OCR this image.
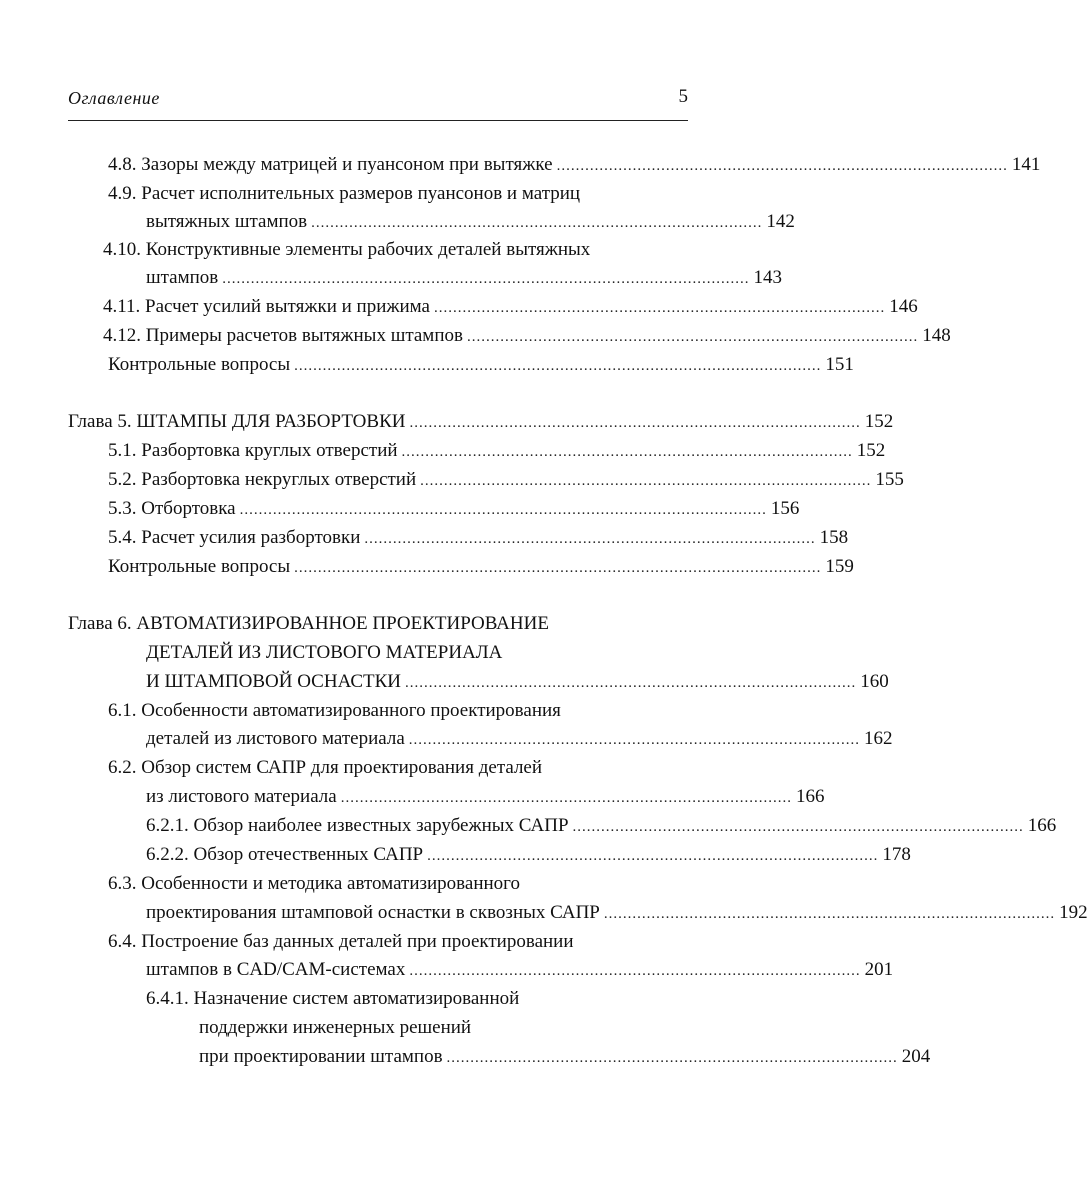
Оглавление	5
4.8. Зазоры между матрицей и пуансоном при вытяжке ............................................................................................... 141
4.9. Расчет исполнительных размеров пуансонов и матриц
вытяжных штампов ............................................................................................... 142
4.10. Конструктивные элементы рабочих деталей вытяжных
штампов ............................................................................................................... 143
4.11. Расчет усилий вытяжки и прижима ............................................................................................... 146
4.12. Примеры расчетов вытяжных штампов ............................................................................................... 148
Контрольные вопросы ............................................................................................................... 151
Глава 5. ШТАМПЫ ДЛЯ РАЗБОРТОВКИ ............................................................................................... 152
5.1. Разбортовка круглых отверстий ............................................................................................... 152
5.2. Разбортовка некруглых отверстий ............................................................................................... 155
5.3. Отбортовка ............................................................................................................... 156
5.4. Расчет усилия разбортовки ............................................................................................... 158
Контрольные вопросы ............................................................................................................... 159
Глава 6. АВТОМАТИЗИРОВАННОЕ ПРОЕКТИРОВАНИЕ
ДЕТАЛЕЙ ИЗ ЛИСТОВОГО МАТЕРИАЛА
И ШТАМПОВОЙ ОСНАСТКИ ............................................................................................... 160
6.1. Особенности автоматизированного проектирования
деталей из листового материала ............................................................................................... 162
6.2. Обзор систем САПР для проектирования деталей
из листового материала ............................................................................................... 166
6.2.1. Обзор наиболее известных зарубежных САПР ............................................................................................... 166
6.2.2. Обзор отечественных САПР ............................................................................................... 178
6.3. Особенности и методика автоматизированного
проектирования штамповой оснастки в сквозных САПР ............................................................................................... 192
6.4. Построение баз данных деталей при проектировании
штампов в CAD/CAM-системах ............................................................................................... 201
6.4.1. Назначение систем автоматизированной
поддержки инженерных решений
при проектировании штампов ............................................................................................... 204
